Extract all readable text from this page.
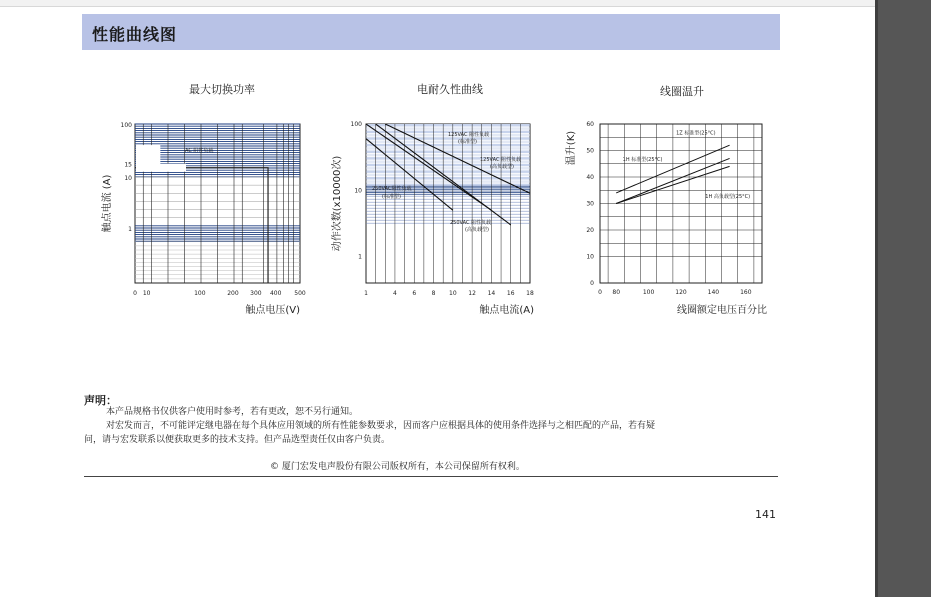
性能曲线图
最大切换功率
AC 阻性负载
1
10
15
100
0 10	100	200 300 400 500
触点电流 (A)
触点电压(V)
电耐久性曲线
125VAC 阻性负载
(标准型)
125VAC 阻性负载
(高负载型)
250VAC阻性负载
(标准型)
250VAC 阻性负载
(高负载型)
100
10
1
1	4	6	8 10 12 14 16 18
动作次数(x10000次)
触点电流(A)
线圈温升
1Z 标准型(25°C)
1H 标准型(25°C)
1H 高负载型(25°C)
0
10
20
30
40
50
60
0 80	100	120	140	160
温升(K)
线圈额定电压百分比
声明：
本产品规格书仅供客户使用时参考，若有更改，恕不另行通知。
对宏发而言，不可能评定继电器在每个具体应用领域的所有性能参数要求，因而客户应根据具体的使用条件选择与之相匹配的产品，若有疑
问，请与宏发联系以便获取更多的技术支持。但产品选型责任仅由客户负责。
© 厦门宏发电声股份有限公司版权所有，本公司保留所有权利。
141
